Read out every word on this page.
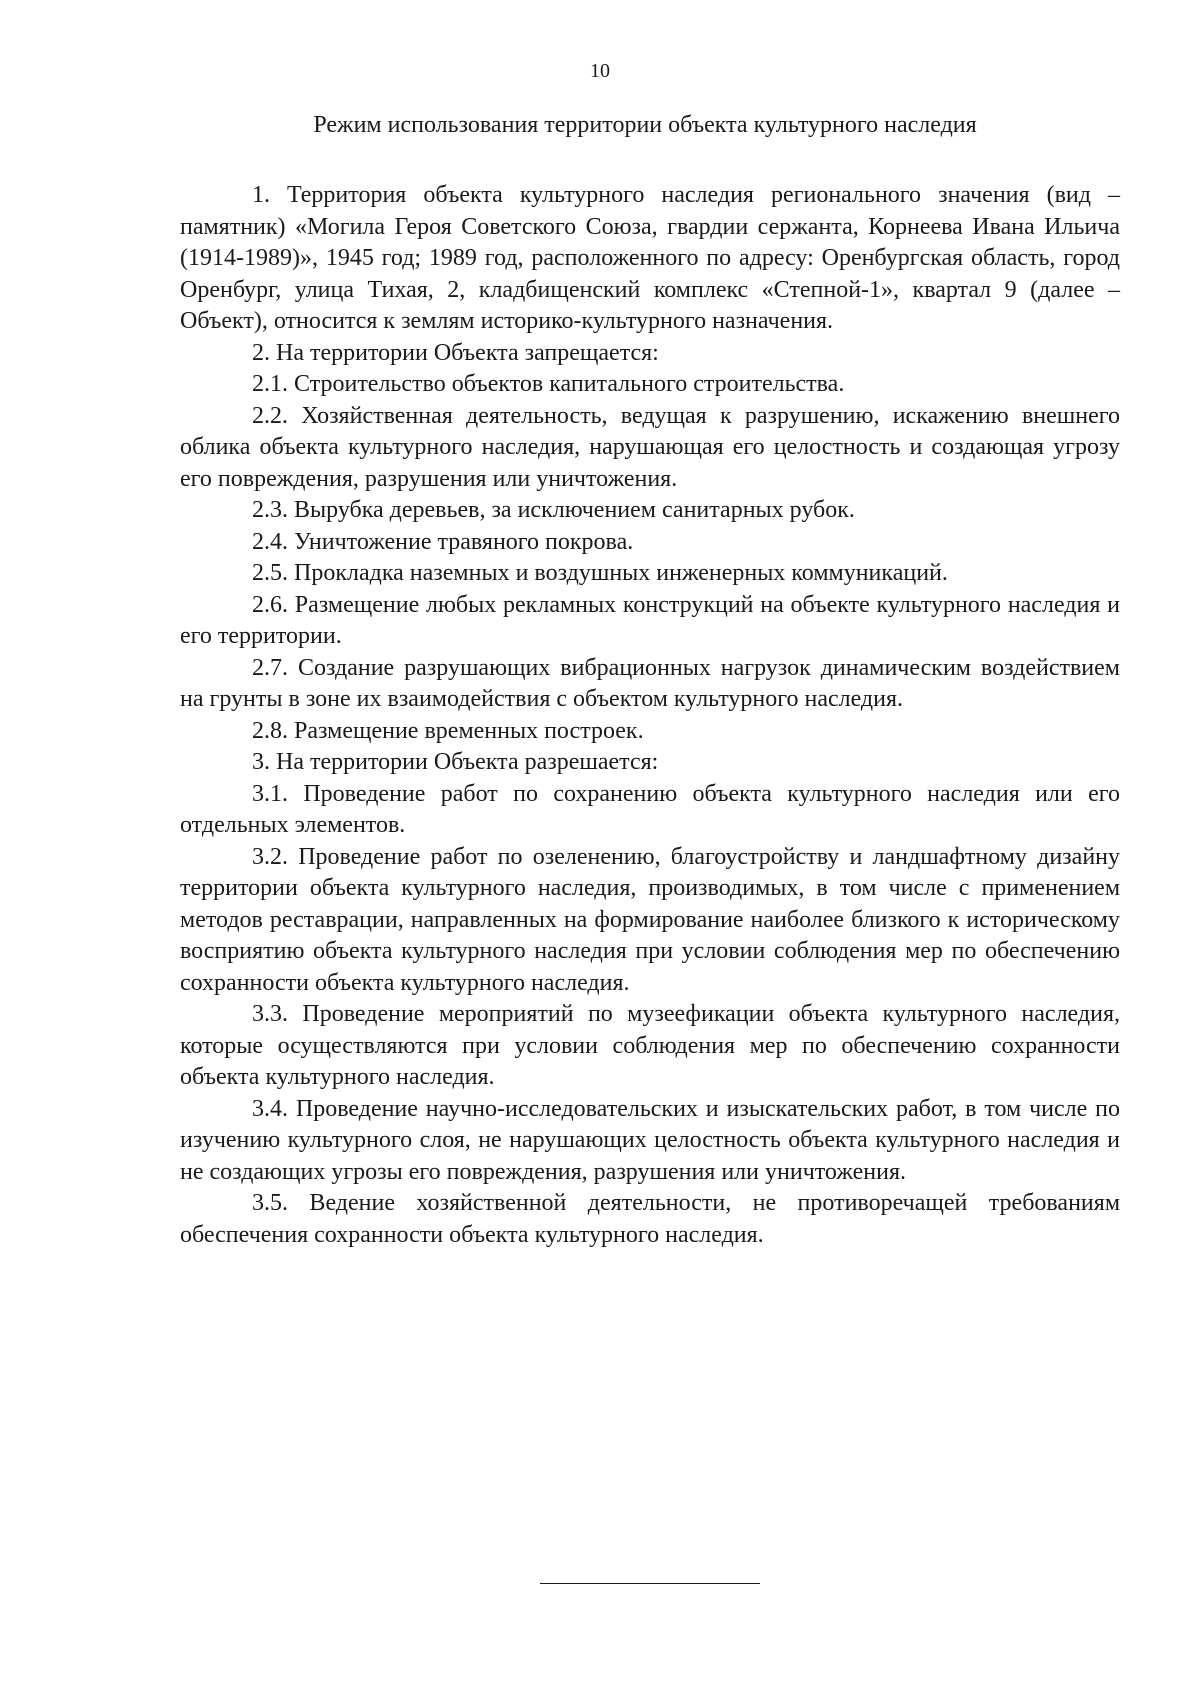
10
Режим использования территории объекта культурного наследия

1. Территория объекта культурного наследия регионального значения (вид – памятник) «Могила Героя Советского Союза, гвардии сержанта, Корнеева Ивана Ильича (1914-1989)», 1945 год; 1989 год, расположенного по адресу: Оренбургская область, город Оренбург, улица Тихая, 2, кладбищенский комплекс «Степной-1», квартал 9 (далее – Объект), относится к землям историко-культурного назначения.

2. На территории Объекта запрещается:

2.1. Строительство объектов капитального строительства.

2.2. Хозяйственная деятельность, ведущая к разрушению, искажению внешнего облика объекта культурного наследия, нарушающая его целостность и создающая угрозу его повреждения, разрушения или уничтожения.

2.3. Вырубка деревьев, за исключением санитарных рубок.

2.4. Уничтожение травяного покрова.

2.5. Прокладка наземных и воздушных инженерных коммуникаций.

2.6. Размещение любых рекламных конструкций на объекте культурного наследия и его территории.

2.7. Создание разрушающих вибрационных нагрузок динамическим воздействием на грунты в зоне их взаимодействия с объектом культурного наследия.

2.8. Размещение временных построек.

3. На территории Объекта разрешается:

3.1. Проведение работ по сохранению объекта культурного наследия или его отдельных элементов.

3.2. Проведение работ по озеленению, благоустройству и ландшафтному дизайну территории объекта культурного наследия, производимых, в том числе с применением методов реставрации, направленных на формирование наиболее близкого к историческому восприятию объекта культурного наследия при условии соблюдения мер по обеспечению сохранности объекта культурного наследия.

3.3. Проведение мероприятий по музеефикации объекта культурного наследия, которые осуществляются при условии соблюдения мер по обеспечению сохранности объекта культурного наследия.

3.4. Проведение научно-исследовательских и изыскательских работ, в том числе по изучению культурного слоя, не нарушающих целостность объекта культурного наследия и не создающих угрозы его повреждения, разрушения или уничтожения.

3.5. Ведение хозяйственной деятельности, не противоречащей требованиям обеспечения сохранности объекта культурного наследия.
